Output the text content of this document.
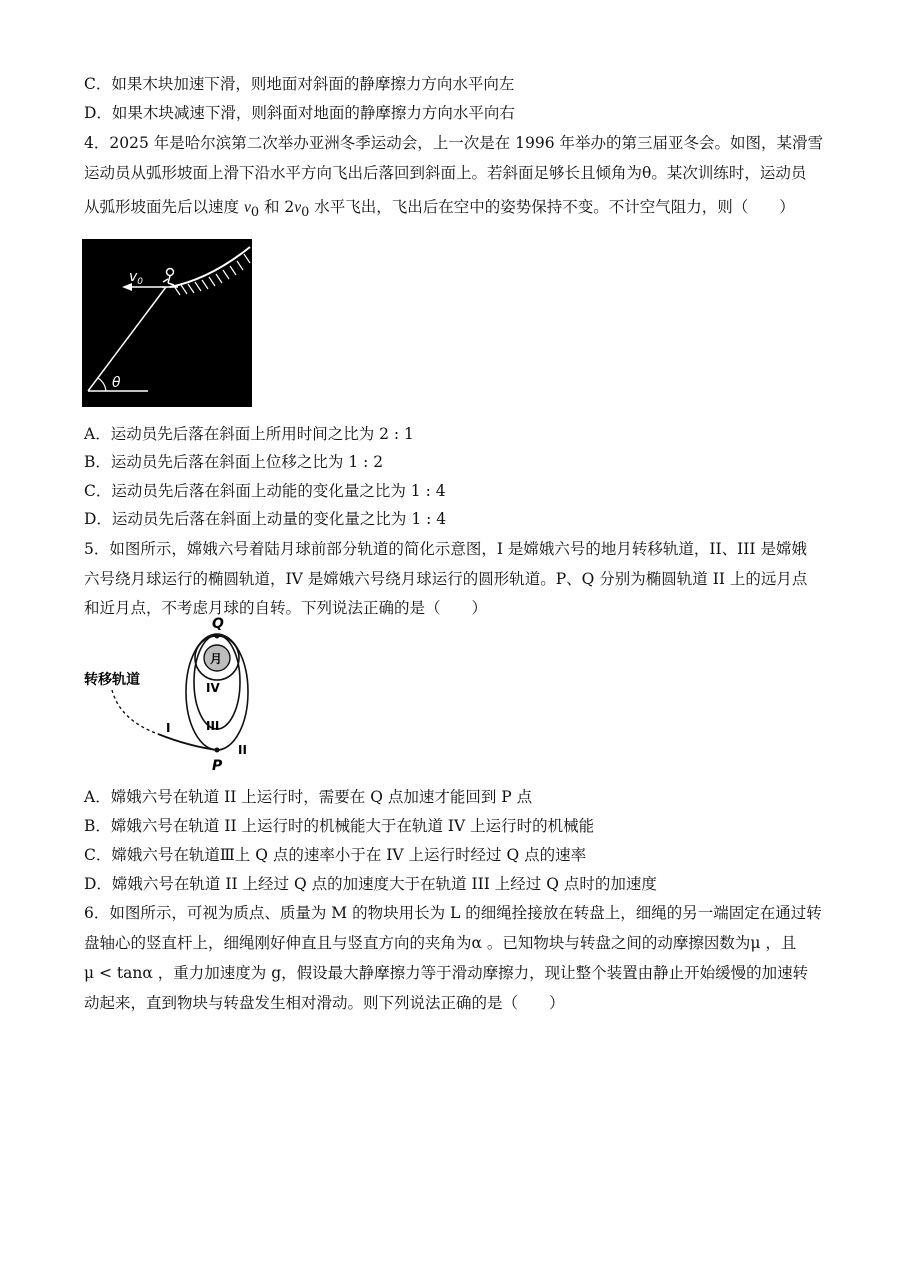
C．如果木块加速下滑，则地面对斜面的静摩擦力方向水平向左
D．如果木块减速下滑，则斜面对地面的静摩擦力方向水平向右
4．2025 年是哈尔滨第二次举办亚洲冬季运动会，上一次是在 1996 年举办的第三届亚冬会。如图，某滑雪
运动员从弧形坡面上滑下沿水平方向飞出后落回到斜面上。若斜面足够长且倾角为θ。某次训练时，运动员
从弧形坡面先后以速度 $v_0$ 和 $2v_0$ 水平飞出，飞出后在空中的姿势保持不变。不计空气阻力，则（　　）
$v_0$
θ
A．运动员先后落在斜面上所用时间之比为 2 : 1
B．运动员先后落在斜面上位移之比为 1 : 2
C．运动员先后落在斜面上动能的变化量之比为 1 : 4
D．运动员先后落在斜面上动量的变化量之比为 1 : 4
5．如图所示，嫦娥六号着陆月球前部分轨道的简化示意图，I 是嫦娥六号的地月转移轨道，II、III 是嫦娥
六号绕月球运行的椭圆轨道，IV 是嫦娥六号绕月球运行的圆形轨道。P、Q 分别为椭圆轨道 II 上的远月点
和近月点，不考虑月球的自转。下列说法正确的是（　　）
Q
月
IV
III
II
I
P
转移轨道
A．嫦娥六号在轨道 II 上运行时，需要在 Q 点加速才能回到 P 点
B．嫦娥六号在轨道 II 上运行时的机械能大于在轨道 IV 上运行时的机械能
C．嫦娥六号在轨道Ⅲ上 Q 点的速率小于在 IV 上运行时经过 Q 点的速率
D．嫦娥六号在轨道 II 上经过 Q 点的加速度大于在轨道 III 上经过 Q 点时的加速度
6．如图所示，可视为质点、质量为 M 的物块用长为 L 的细绳拴接放在转盘上，细绳的另一端固定在通过转
盘轴心的竖直杆上，细绳刚好伸直且与竖直方向的夹角为α 。已知物块与转盘之间的动摩擦因数为μ ，且
μ < tanα ，重力加速度为 g，假设最大静摩擦力等于滑动摩擦力，现让整个装置由静止开始缓慢的加速转
动起来，直到物块与转盘发生相对滑动。则下列说法正确的是（　　）
